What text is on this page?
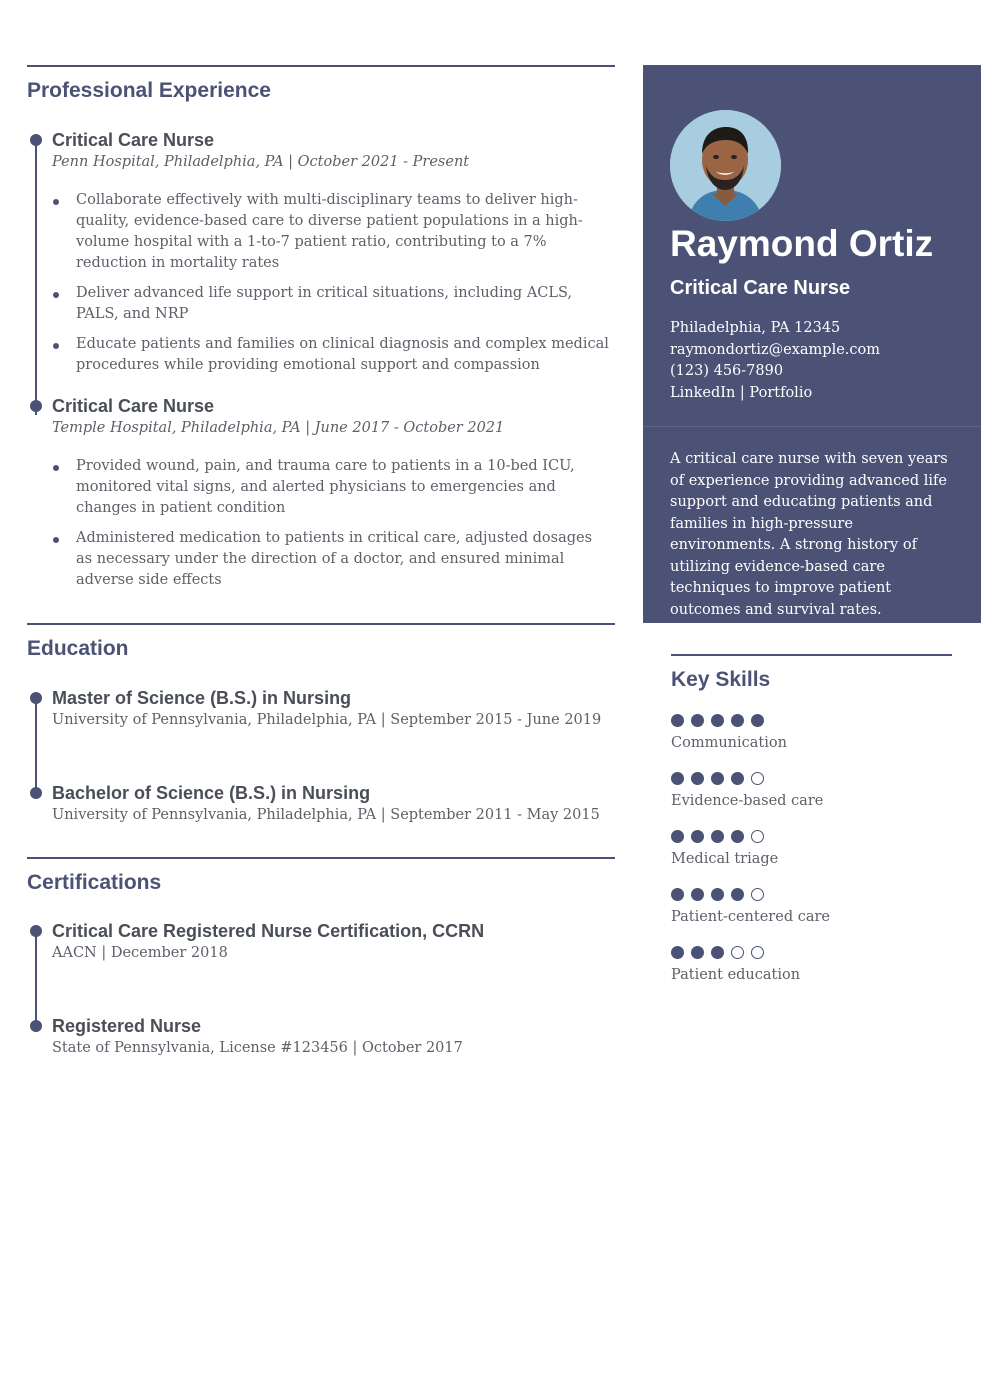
Professional Experience
Critical Care Nurse
Penn Hospital, Philadelphia, PA | October 2021 - Present
Collaborate effectively with multi-disciplinary teams to deliver high-quality, evidence-based care to diverse patient populations in a high-volume hospital with a 1-to-7 patient ratio, contributing to a 7% reduction in mortality rates
Deliver advanced life support in critical situations, including ACLS, PALS, and NRP
Educate patients and families on clinical diagnosis and complex medical procedures while providing emotional support and compassion
Critical Care Nurse
Temple Hospital, Philadelphia, PA | June 2017 - October 2021
Provided wound, pain, and trauma care to patients in a 10-bed ICU, monitored vital signs, and alerted physicians to emergencies and changes in patient condition
Administered medication to patients in critical care, adjusted dosages as necessary under the direction of a doctor, and ensured minimal adverse side effects
Education
Master of Science (B.S.) in Nursing
University of Pennsylvania, Philadelphia, PA | September 2015 - June 2019
Bachelor of Science (B.S.) in Nursing
University of Pennsylvania, Philadelphia, PA | September 2011 - May 2015
Certifications
Critical Care Registered Nurse Certification, CCRN
AACN | December 2018
Registered Nurse
State of Pennsylvania, License #123456 | October 2017
Raymond Ortiz
Critical Care Nurse
Philadelphia, PA 12345
raymondortiz@example.com
(123) 456-7890
LinkedIn | Portfolio

A critical care nurse with seven years of experience providing advanced life support and educating patients and families in high-pressure environments. A strong history of utilizing evidence-based care techniques to improve patient outcomes and survival rates.

Key Skills
Communication
Evidence-based care
Medical triage
Patient-centered care
Patient education
